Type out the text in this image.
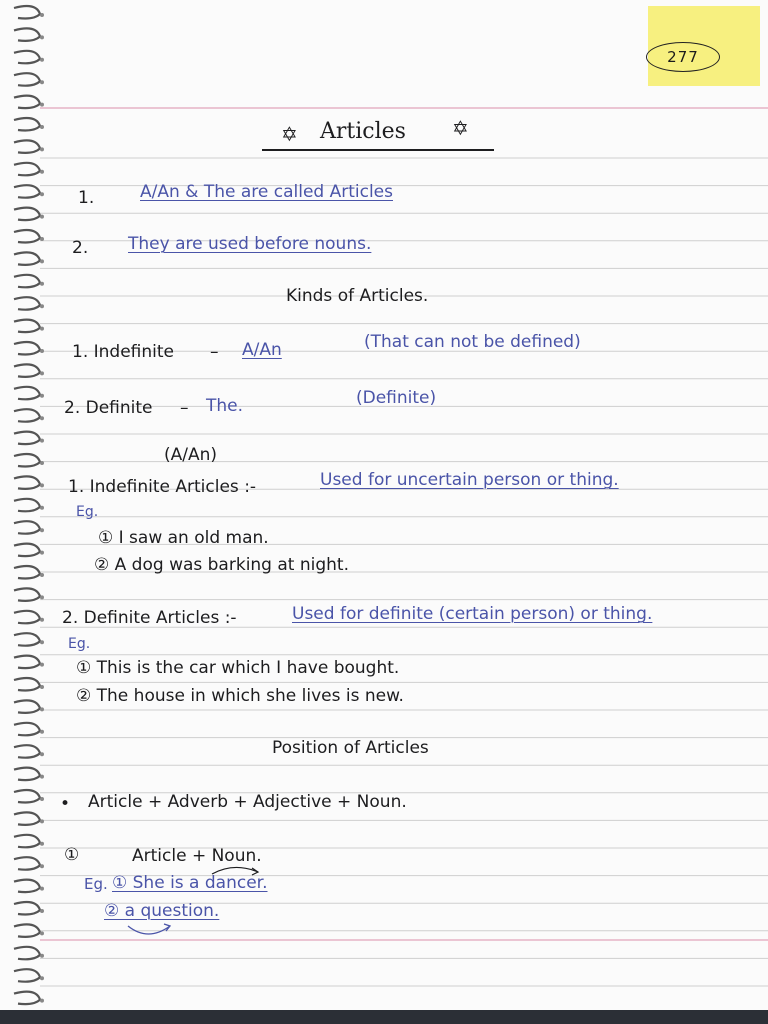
277
✡ Articles ✡
1.	A/An & The are called Articles
2. They are used before nouns.
Kinds of Articles.
1. Indefinite – A/An	(That can not be defined)
2. Definite – The.	(Definite)
(A/An)
1. Indefinite Articles :-	Used for uncertain person or thing.
Eg.
① I saw an old man.
② A dog was barking at night.
2. Definite Articles :-	Used for definite (certain person) or thing.
Eg.
① This is the car which I have bought.
② The house in which she lives is new.
Position of Articles
• Article + Adverb + Adjective + Noun.
①	Article + Noun.
Eg. ① She is a dancer.
② a question.
